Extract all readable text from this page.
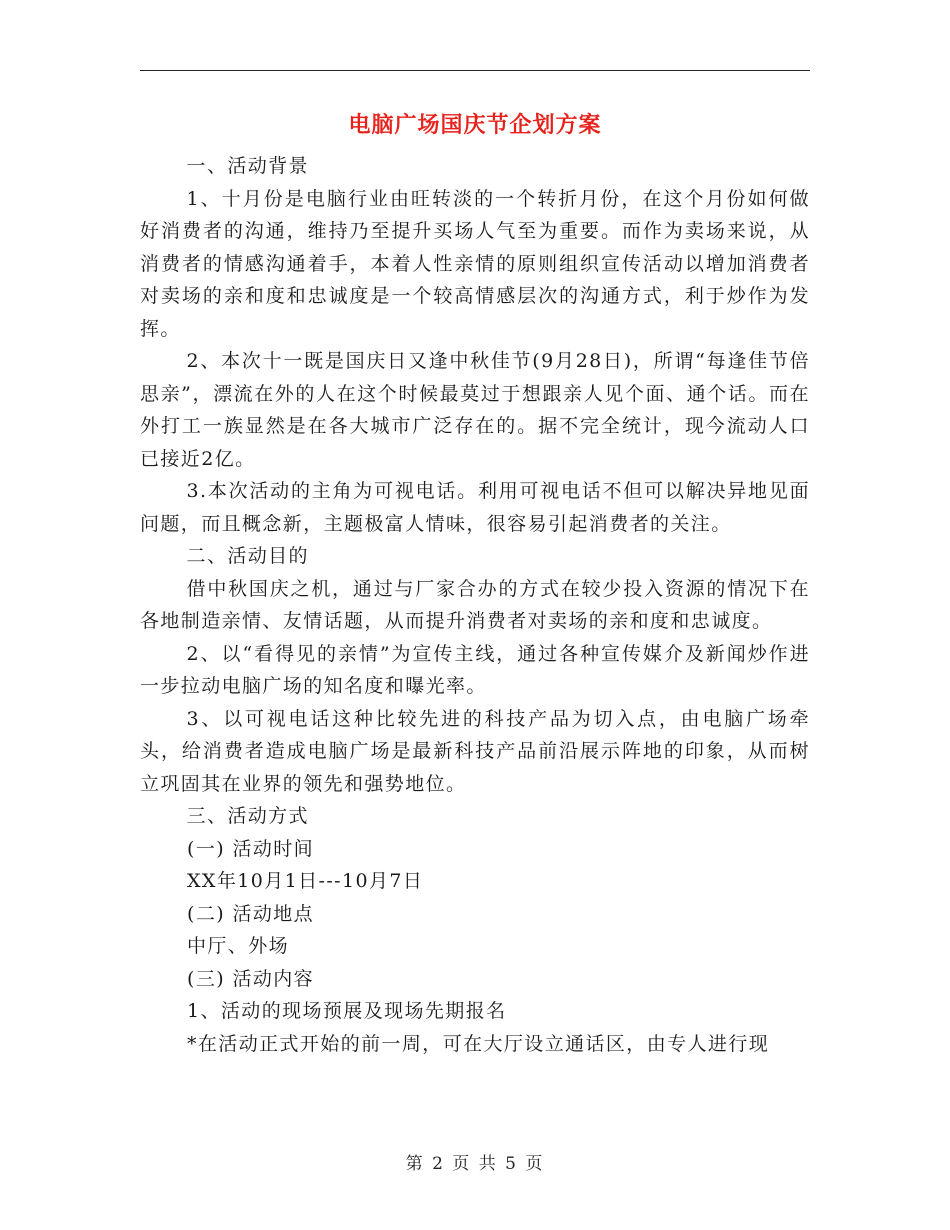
电脑广场国庆节企划方案

一、活动背景

1、十月份是电脑行业由旺转淡的一个转折月份，在这个月份如何做好消费者的沟通，维持乃至提升买场人气至为重要。而作为卖场来说，从消费者的情感沟通着手，本着人性亲情的原则组织宣传活动以增加消费者对卖场的亲和度和忠诚度是一个较高情感层次的沟通方式，利于炒作为发挥。

2、本次十一既是国庆日又逢中秋佳节(9月28日)，所谓“每逢佳节倍思亲”，漂流在外的人在这个时候最莫过于想跟亲人见个面、通个话。而在外打工一族显然是在各大城市广泛存在的。据不完全统计，现今流动人口已接近2亿。

3.本次活动的主角为可视电话。利用可视电话不但可以解决异地见面问题，而且概念新，主题极富人情味，很容易引起消费者的关注。

二、活动目的

借中秋国庆之机，通过与厂家合办的方式在较少投入资源的情况下在各地制造亲情、友情话题，从而提升消费者对卖场的亲和度和忠诚度。

2、以“看得见的亲情”为宣传主线，通过各种宣传媒介及新闻炒作进一步拉动电脑广场的知名度和曝光率。

3、以可视电话这种比较先进的科技产品为切入点，由电脑广场牵头，给消费者造成电脑广场是最新科技产品前沿展示阵地的印象，从而树立巩固其在业界的领先和强势地位。

三、活动方式

(一) 活动时间

XX年10月1日---10月7日

(二) 活动地点

中厅、外场

(三) 活动内容

1、活动的现场预展及现场先期报名

*在活动正式开始的前一周，可在大厅设立通话区，由专人进行现

第 2 页 共 5 页
